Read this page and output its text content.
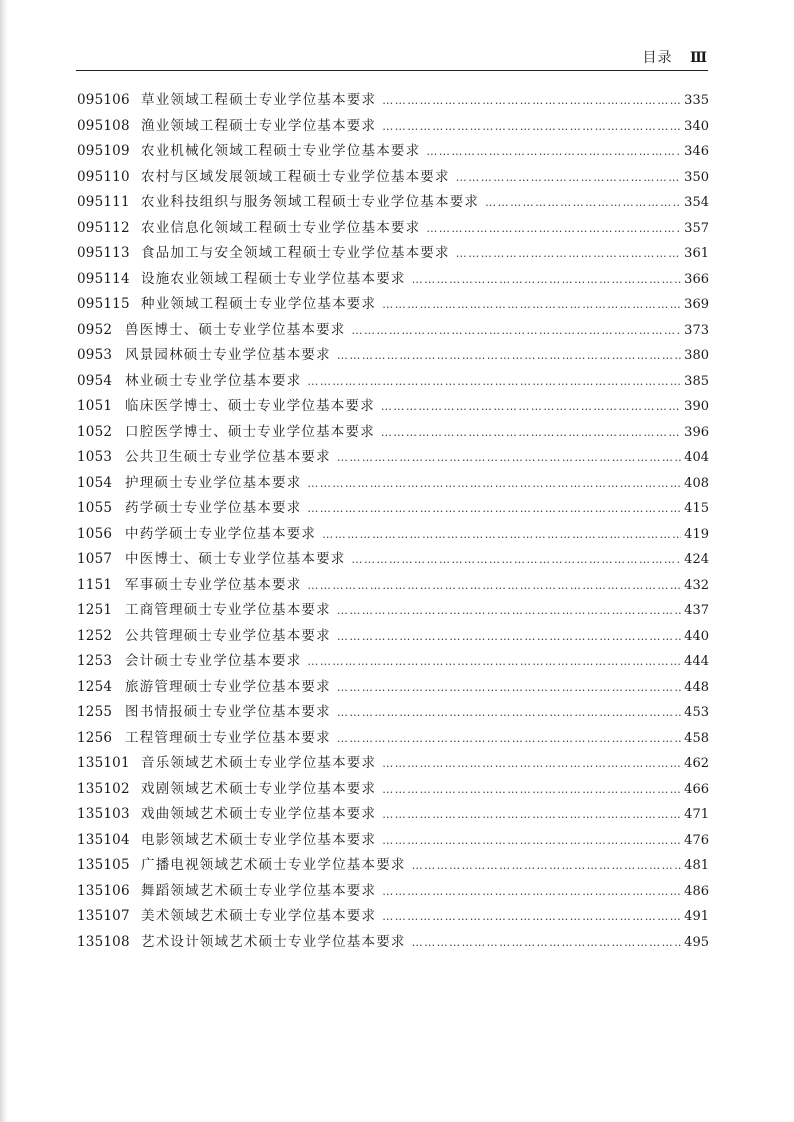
目录 Ⅲ
095106 草业领域工程硕士专业学位基本要求 …………………………………………………………………………………………………………………………………………	335
095108 渔业领域工程硕士专业学位基本要求 …………………………………………………………………………………………………………………………………………	340
095109 农业机械化领域工程硕士专业学位基本要求 …………………………………………………………………………………………………………………………………………	346
095110 农村与区域发展领域工程硕士专业学位基本要求 …………………………………………………………………………………………………………………………………………	350
095111 农业科技组织与服务领域工程硕士专业学位基本要求 …………………………………………………………………………………………………………………………………………	354
095112 农业信息化领域工程硕士专业学位基本要求 …………………………………………………………………………………………………………………………………………	357
095113 食品加工与安全领域工程硕士专业学位基本要求 …………………………………………………………………………………………………………………………………………	361
095114 设施农业领域工程硕士专业学位基本要求 …………………………………………………………………………………………………………………………………………	366
095115 种业领域工程硕士专业学位基本要求 …………………………………………………………………………………………………………………………………………	369
0952 兽医博士、硕士专业学位基本要求 …………………………………………………………………………………………………………………………………………	373
0953 风景园林硕士专业学位基本要求 …………………………………………………………………………………………………………………………………………	380
0954 林业硕士专业学位基本要求 …………………………………………………………………………………………………………………………………………	385
1051 临床医学博士、硕士专业学位基本要求 …………………………………………………………………………………………………………………………………………	390
1052 口腔医学博士、硕士专业学位基本要求 …………………………………………………………………………………………………………………………………………	396
1053 公共卫生硕士专业学位基本要求 …………………………………………………………………………………………………………………………………………	404
1054 护理硕士专业学位基本要求 …………………………………………………………………………………………………………………………………………	408
1055 药学硕士专业学位基本要求 …………………………………………………………………………………………………………………………………………	415
1056 中药学硕士专业学位基本要求 …………………………………………………………………………………………………………………………………………	419
1057 中医博士、硕士专业学位基本要求 …………………………………………………………………………………………………………………………………………	424
1151 军事硕士专业学位基本要求 …………………………………………………………………………………………………………………………………………	432
1251 工商管理硕士专业学位基本要求 …………………………………………………………………………………………………………………………………………	437
1252 公共管理硕士专业学位基本要求 …………………………………………………………………………………………………………………………………………	440
1253 会计硕士专业学位基本要求 …………………………………………………………………………………………………………………………………………	444
1254 旅游管理硕士专业学位基本要求 …………………………………………………………………………………………………………………………………………	448
1255 图书情报硕士专业学位基本要求 …………………………………………………………………………………………………………………………………………	453
1256 工程管理硕士专业学位基本要求 …………………………………………………………………………………………………………………………………………	458
135101 音乐领域艺术硕士专业学位基本要求 …………………………………………………………………………………………………………………………………………	462
135102 戏剧领域艺术硕士专业学位基本要求 …………………………………………………………………………………………………………………………………………	466
135103 戏曲领域艺术硕士专业学位基本要求 …………………………………………………………………………………………………………………………………………	471
135104 电影领域艺术硕士专业学位基本要求 …………………………………………………………………………………………………………………………………………	476
135105 广播电视领域艺术硕士专业学位基本要求 …………………………………………………………………………………………………………………………………………	481
135106 舞蹈领域艺术硕士专业学位基本要求 …………………………………………………………………………………………………………………………………………	486
135107 美术领域艺术硕士专业学位基本要求 …………………………………………………………………………………………………………………………………………	491
135108 艺术设计领域艺术硕士专业学位基本要求 …………………………………………………………………………………………………………………………………………	495
